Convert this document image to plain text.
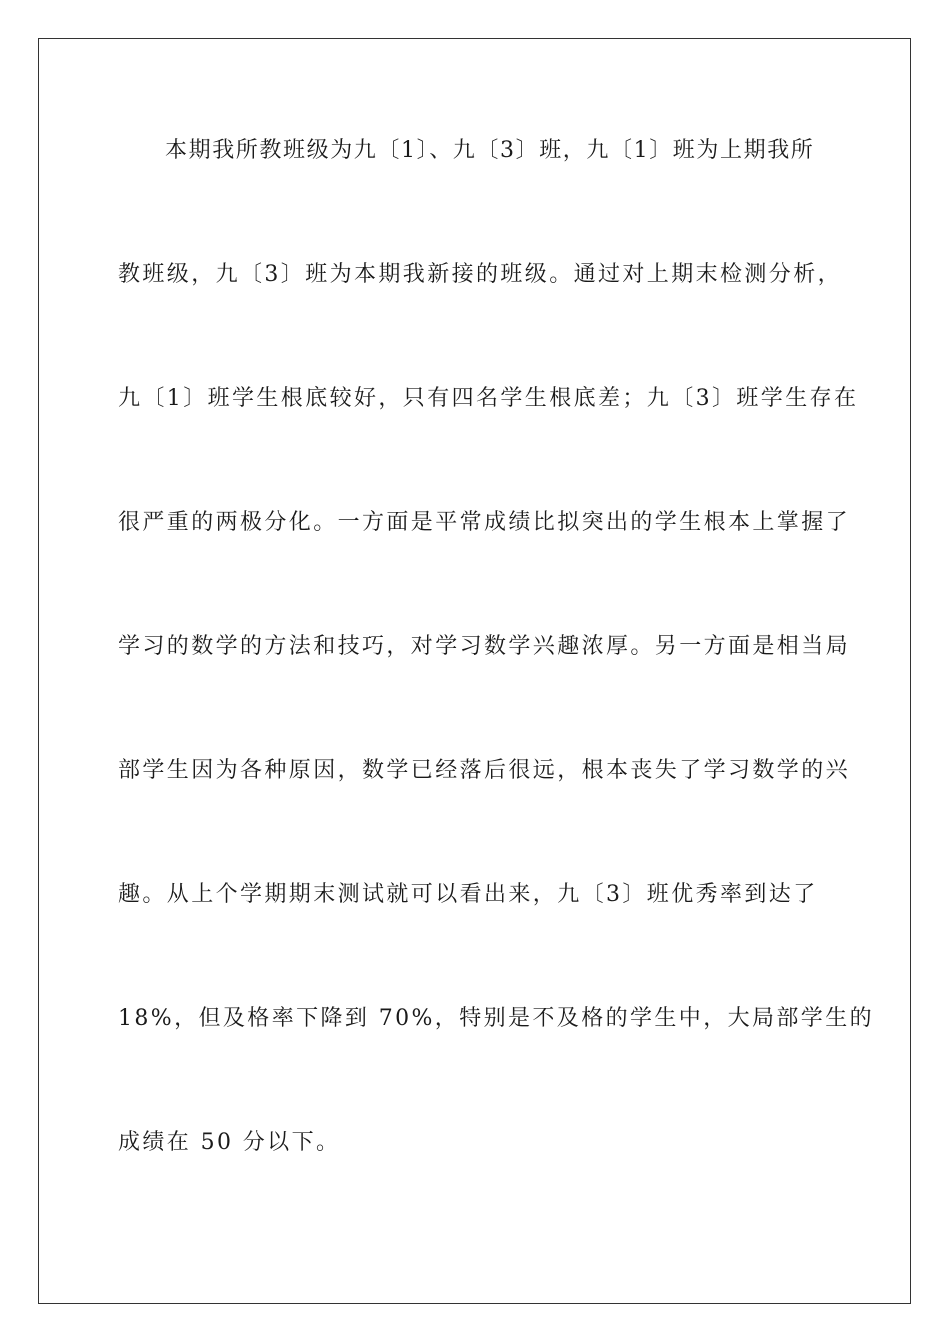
本期我所教班级为九〔1〕、九〔3〕班，九〔1〕班为上期我所
教班级，九〔3〕班为本期我新接的班级。通过对上期末检测分析，
九〔1〕班学生根底较好，只有四名学生根底差；九〔3〕班学生存在
很严重的两极分化。一方面是平常成绩比拟突出的学生根本上掌握了
学习的数学的方法和技巧，对学习数学兴趣浓厚。另一方面是相当局
部学生因为各种原因，数学已经落后很远，根本丧失了学习数学的兴
趣。从上个学期期末测试就可以看出来，九〔3〕班优秀率到达了
18%，但及格率下降到 70%，特别是不及格的学生中，大局部学生的
成绩在 50 分以下。
